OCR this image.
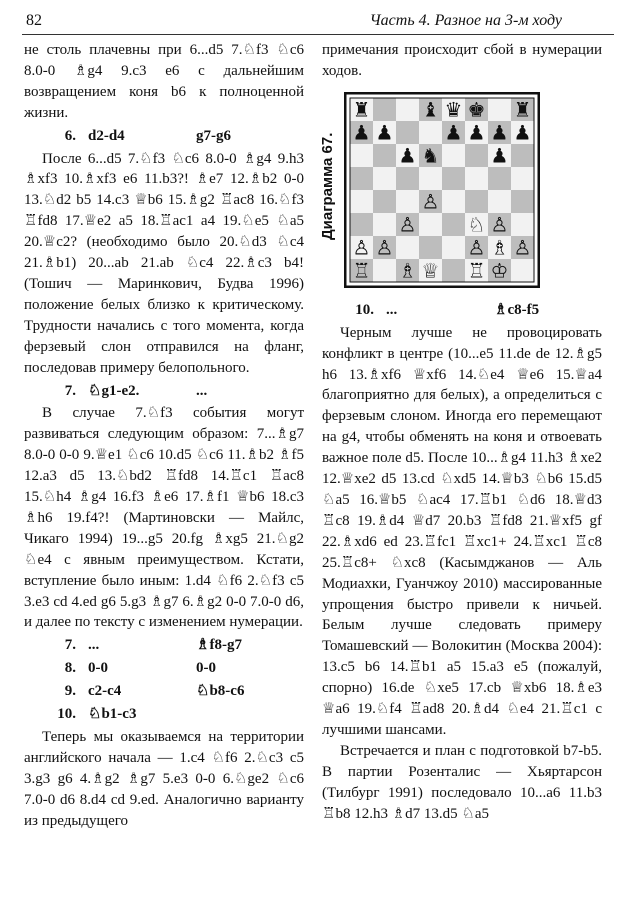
82	Часть 4. Разное на 3-м ходу

не столь плачевны при 6...d5 7.♘f3 ♘c6 8.0-0 ♗g4 9.c3 e6 с дальнейшим возвращением коня b6 к полноценной жизни.

6. d2-d4	g7-g6

После 6...d5 7.♘f3 ♘c6 8.0-0 ♗g4 9.h3 ♗xf3 10.♗xf3 e6 11.b3?! ♗e7 12.♗b2 0-0 13.♘d2 b5 14.c3 ♕b6 15.♗g2 ♖ac8 16.♘f3 ♖fd8 17.♕e2 a5 18.♖ac1 a4 19.♘e5 ♘a5 20.♕c2? (необходимо было 20.♘d3 ♘c4 21.♗b1) 20...ab 21.ab ♘c4 22.♗c3 b4! (Тошич — Маринкович, Будва 1996) положение белых близко к критическому. Трудности начались с того момента, когда ферзевый слон отправился на фланг, последовав примеру белопольного.

7. ♘g1-e2.	...

В случае 7.♘f3 события могут развиваться следующим образом: 7...♗g7 8.0-0 0-0 9.♕e1 ♘c6 10.d5 ♘c6 11.♗b2 ♗f5 12.a3 d5 13.♘bd2 ♖fd8 14.♖c1 ♖ac8 15.♘h4 ♗g4 16.f3 ♗e6 17.♗f1 ♕b6 18.c3 ♗h6 19.f4?! (Мартиновски — Майлс, Чикаго 1994) 19...g5 20.fg ♗xg5 21.♘g2 ♘e4 с явным преимуществом. Кстати, вступление было иным: 1.d4 ♘f6 2.♘f3 c5 3.e3 cd 4.ed g6 5.g3 ♗g7 6.♗g2 0-0 7.0-0 d6, и далее по тексту с изменением нумерации.

7. ...	♗f8-g7
8. 0-0	0-0
9. c2-c4	♘b8-c6
10. ♘b1-c3

Теперь мы оказываемся на территории английского начала — 1.c4 ♘f6 2.♘c3 c5 3.g3 g6 4.♗g2 ♗g7 5.e3 0-0 6.♘ge2 ♘c6 7.0-0 d6 8.d4 cd 9.ed. Аналогично варианту из предыдущего

примечания происходит сбой в нумерации ходов.

Диаграмма 67.
♜	♝ ♛ ♚ ♜
♟ ♟	♟ ♟ ♟ ♟
♟ ♞	♟
♙
♙	♘ ♙
♙ ♙	♙ ♗ ♙
♖ ♗ ♕ ♖ ♔
10. ...	♗c8-f5

Черным лучше не провоцировать конфликт в центре (10...e5 11.de de 12.♗g5 h6 13.♗xf6 ♕xf6 14.♘e4 ♕e6 15.♕a4 благоприятно для белых), а определиться с ферзевым слоном. Иногда его перемещают на g4, чтобы обменять на коня и отвоевать важное поле d5. После 10...♗g4 11.h3 ♗xe2 12.♕xe2 d5 13.cd ♘xd5 14.♕b3 ♘b6 15.d5 ♘a5 16.♕b5 ♘ac4 17.♖b1 ♘d6 18.♕d3 ♖c8 19.♗d4 ♕d7 20.b3 ♖fd8 21.♕xf5 gf 22.♗xd6 ed 23.♖fc1 ♖xc1+ 24.♖xc1 ♖c8 25.♖c8+ ♘xc8 (Касымджанов — Аль Модиахки, Гуанчжоу 2010) массированные упрощения быстро привели к ничьей. Белым лучше следовать примеру Томашевский — Волокитин (Москва 2004): 13.c5 b6 14.♖b1 a5 15.a3 e5 (пожалуй, спорно) 16.de ♘xe5 17.cb ♕xb6 18.♗e3 ♕a6 19.♘f4 ♖ad8 20.♗d4 ♘e4 21.♖c1 с лучшими шансами.

Встречается и план с подготовкой b7-b5. В партии Розенталис — Хьяртарсон (Тилбург 1991) последовало 10...a6 11.b3 ♖b8 12.h3 ♗d7 13.d5 ♘a5
